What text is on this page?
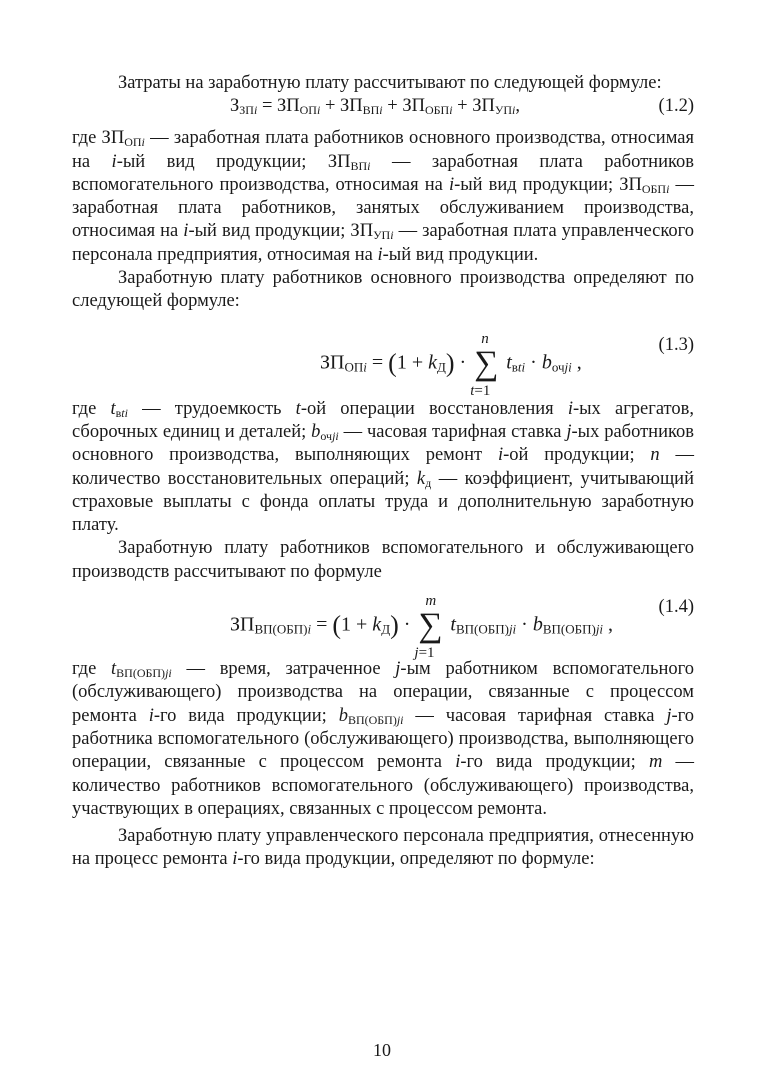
Затраты на заработную плату рассчитывают по следующей формуле:

$З_{ЗПi} = ЗП_{ОПi} + ЗП_{ВПi} + ЗП_{ОБПi} + ЗП_{УПi}$,	(1.2)

где $ЗП_{ОПi}$ — заработная плата работников основного производства, относимая на i-ый вид продукции; $ЗП_{ВПi}$ — заработная плата работников вспомогательного производства, относимая на i-ый вид продукции; $ЗП_{ОБПi}$ — заработная плата работников, занятых обслуживанием производства, относимая на i-ый вид продукции; $ЗП_{УПi}$ — заработная плата управленческого персонала предприятия, относимая на i-ый вид продукции.

Заработную плату работников основного производства определяют по следующей формуле:

$ЗП_{ОПi} = (1 + k_Д)$ ·
n
∑
t=1
$t_{вti} \cdot b_{очji}$ ,
(1.3)

где $t_{вti}$ — трудоемкость t-ой операции восстановления i-ых агрегатов, сборочных единиц и деталей; $b_{очji}$ — часовая тарифная ставка j-ых работников основного производства, выполняющих ремонт i-ой продукции; n — количество восстановительных операций; $k_д$ — коэффициент, учитывающий страховые выплаты с фонда оплаты труда и дополнительную заработную плату.

Заработную плату работников вспомогательного и обслуживающего производств рассчитывают по формуле

$ЗП_{ВП(ОБП)i} = (1 + k_Д)$ ·
m
∑
j=1
$t_{ВП(ОБП)ji} \cdot b_{ВП(ОБП)ji}$ ,
(1.4)

где $t_{ВП(ОБП)ji}$ — время, затраченное j-ым работником вспомогательного (обслуживающего) производства на операции, связанные с процессом ремонта i-го вида продукции; $b_{ВП(ОБП)ji}$ — часовая тарифная ставка j-го работника вспомогательного (обслуживающего) производства, выполняющего операции, связанные с процессом ремонта i-го вида продукции; m — количество работников вспомогательного (обслуживающего) производства, участвующих в операциях, связанных с процессом ремонта.

Заработную плату управленческого персонала предприятия, отнесенную на процесс ремонта i-го вида продукции, определяют по формуле:

10
